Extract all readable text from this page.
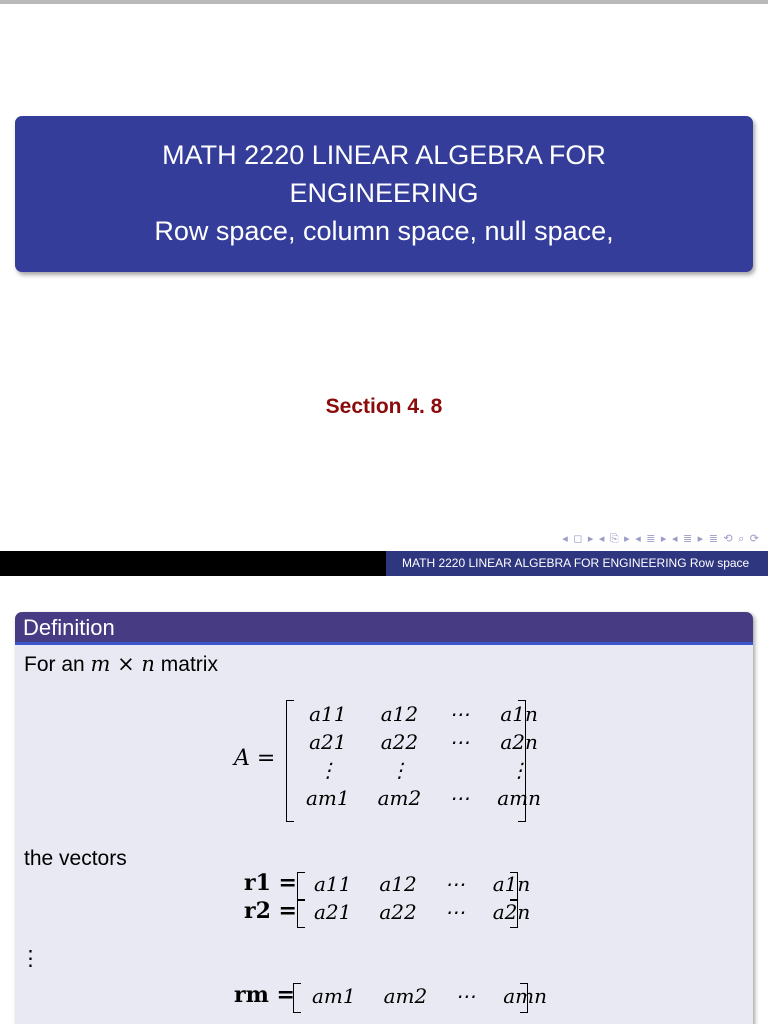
MATH 2220 LINEAR ALGEBRA FOR
ENGINEERING
Row space, column space, null space,
Section 4. 8
◂ ◻ ▸ ◂ ⎘ ▸ ◂ ≣ ▸ ◂ ≣ ▸ ≣ ⟲ ⌕ ⟳
MATH 2220 LINEAR ALGEBRA FOR ENGINEERING Row space
Definition
For an m × n matrix
A =
a11	a12	⋯	a1n
a21	a22	⋯	a2n
⋮	⋮		⋮
am1	am2	⋯	amn
the vectors
r1 = a11	a12	⋯	a1n
r2 = a21	a22	⋯	a2n
⋮
rm = am1	am2	⋯	amn
